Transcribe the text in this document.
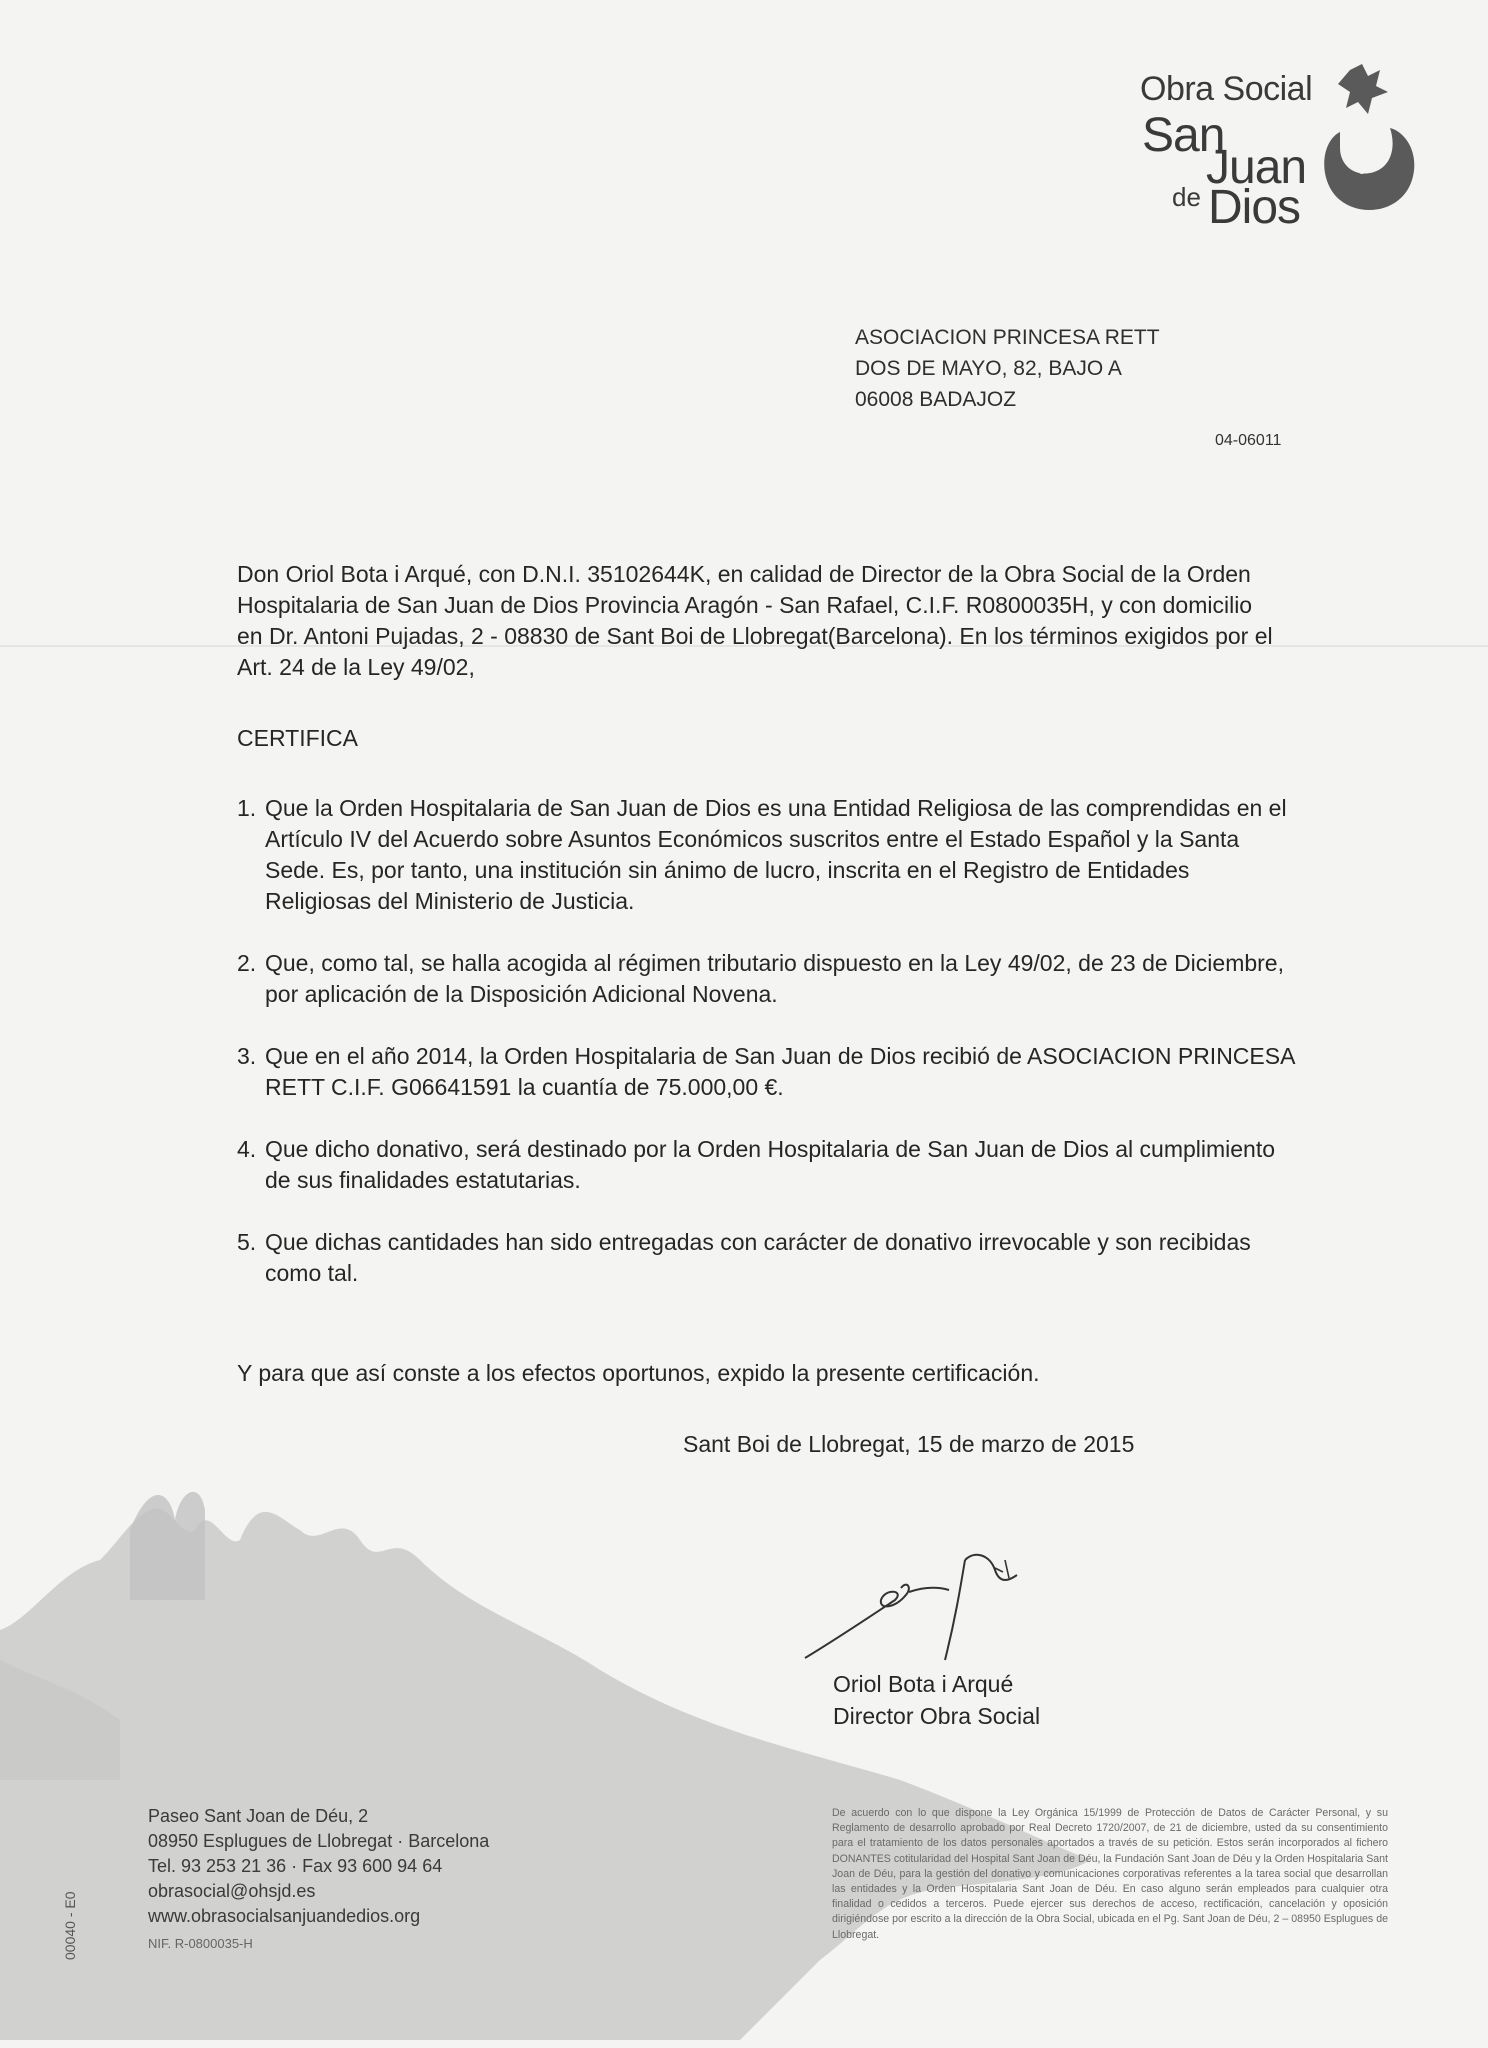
Obra Social
San
Juan
de Dios
ASOCIACION PRINCESA RETT
DOS DE MAYO, 82, BAJO A
06008 BADAJOZ
04-06011
Don Oriol Bota i Arqué, con D.N.I. 35102644K, en calidad de Director de la Obra Social de la Orden Hospitalaria de San Juan de Dios Provincia Aragón - San Rafael, C.I.F. R0800035H, y con domicilio en Dr. Antoni Pujadas, 2 - 08830 de Sant Boi de Llobregat(Barcelona). En los términos exigidos por el Art. 24 de la Ley 49/02,
CERTIFICA
1. Que la Orden Hospitalaria de San Juan de Dios es una Entidad Religiosa de las comprendidas en el Artículo IV del Acuerdo sobre Asuntos Económicos suscritos entre el Estado Español y la Santa Sede. Es, por tanto, una institución sin ánimo de lucro, inscrita en el Registro de Entidades Religiosas del Ministerio de Justicia.
2. Que, como tal, se halla acogida al régimen tributario dispuesto en la Ley 49/02, de 23 de Diciembre, por aplicación de la Disposición Adicional Novena.
3. Que en el año 2014, la Orden Hospitalaria de San Juan de Dios recibió de ASOCIACION PRINCESA RETT C.I.F. G06641591 la cuantía de 75.000,00 €.
4. Que dicho donativo, será destinado por la Orden Hospitalaria de San Juan de Dios al cumplimiento de sus finalidades estatutarias.
5. Que dichas cantidades han sido entregadas con carácter de donativo irrevocable y son recibidas como tal.
Y para que así conste a los efectos oportunos, expido la presente certificación.
Sant Boi de Llobregat, 15 de marzo de 2015
Oriol Bota i Arqué
Director Obra Social
Paseo Sant Joan de Déu, 2
08950 Esplugues de Llobregat · Barcelona
Tel. 93 253 21 36 · Fax 93 600 94 64
obrasocial@ohsjd.es
www.obrasocialsanjuandedios.org
NIF. R-0800035-H
00040 - E0
De acuerdo con lo que dispone la Ley Orgánica 15/1999 de Protección de Datos de Carácter Personal, y su Reglamento de desarrollo aprobado por Real Decreto 1720/2007, de 21 de diciembre, usted da su consentimiento para el tratamiento de los datos personales aportados a través de su petición. Estos serán incorporados al fichero DONANTES cotitularidad del Hospital Sant Joan de Déu, la Fundación Sant Joan de Déu y la Orden Hospitalaria Sant Joan de Déu, para la gestión del donativo y comunicaciones corporativas referentes a la tarea social que desarrollan las entidades y la Orden Hospitalaria Sant Joan de Déu. En caso alguno serán empleados para cualquier otra finalidad o cedidos a terceros. Puede ejercer sus derechos de acceso, rectificación, cancelación y oposición dirigiéndose por escrito a la dirección de la Obra Social, ubicada en el Pg. Sant Joan de Déu, 2 – 08950 Esplugues de Llobregat.
